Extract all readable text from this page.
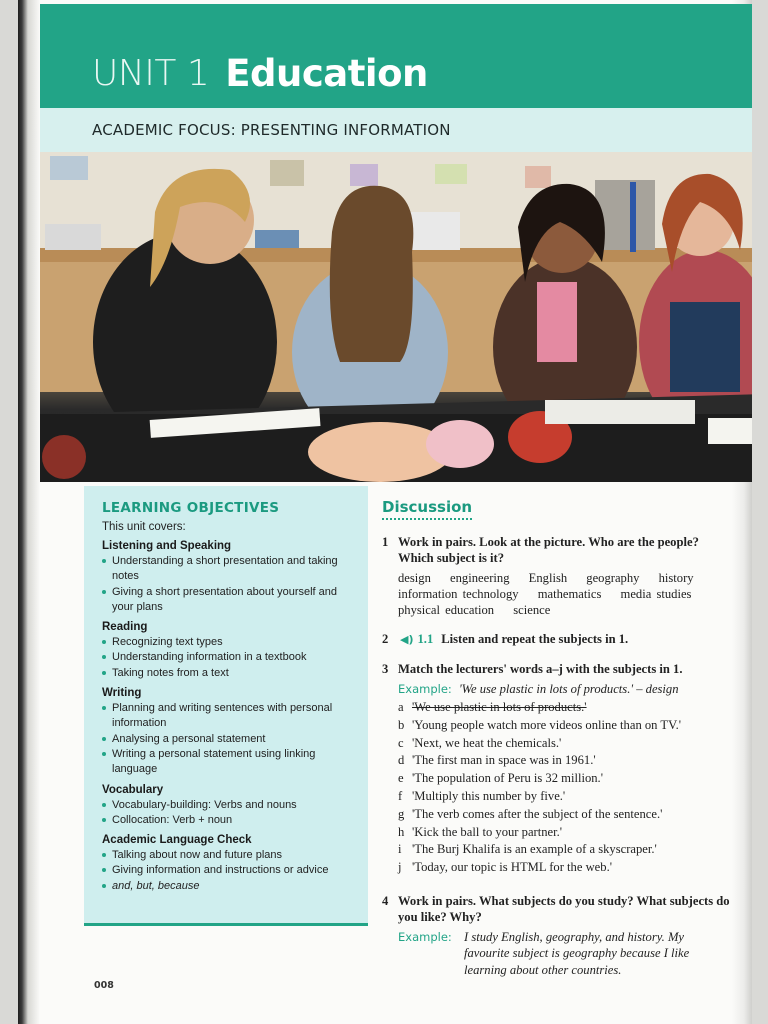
UNIT 1 Education
ACADEMIC FOCUS: PRESENTING INFORMATION
LEARNING OBJECTIVES
This unit covers:
Listening and Speaking
Understanding a short presentation and taking notes
Giving a short presentation about yourself and your plans
Reading
Recognizing text types
Understanding information in a textbook
Taking notes from a text
Writing
Planning and writing sentences with personal information
Analysing a personal statement
Writing a personal statement using linking language
Vocabulary
Vocabulary-building: Verbs and nouns
Collocation: Verb + noun
Academic Language Check
Talking about now and future plans
Giving information and instructions or advice
and, but, because
Discussion
1 Work in pairs. Look at the picture. Who are the people? Which subject is it?
design engineering English geography history information technology mathematics media studies physical education science
2	◀) 1.1 Listen and repeat the subjects in 1.
3 Match the lecturers' words a–j with the subjects in 1.
Example: 'We use plastic in lots of products.' – design
a 'We use plastic in lots of products.'
b 'Young people watch more videos online than on TV.'
c 'Next, we heat the chemicals.'
d 'The first man in space was in 1961.'
e 'The population of Peru is 32 million.'
f 'Multiply this number by five.'
g 'The verb comes after the subject of the sentence.'
h 'Kick the ball to your partner.'
i 'The Burj Khalifa is an example of a skyscraper.'
j 'Today, our topic is HTML for the web.'
4 Work in pairs. What subjects do you study? What subjects do you like? Why?
Example: I study English, geography, and history. My favourite subject is geography because I like learning about other countries.
008
